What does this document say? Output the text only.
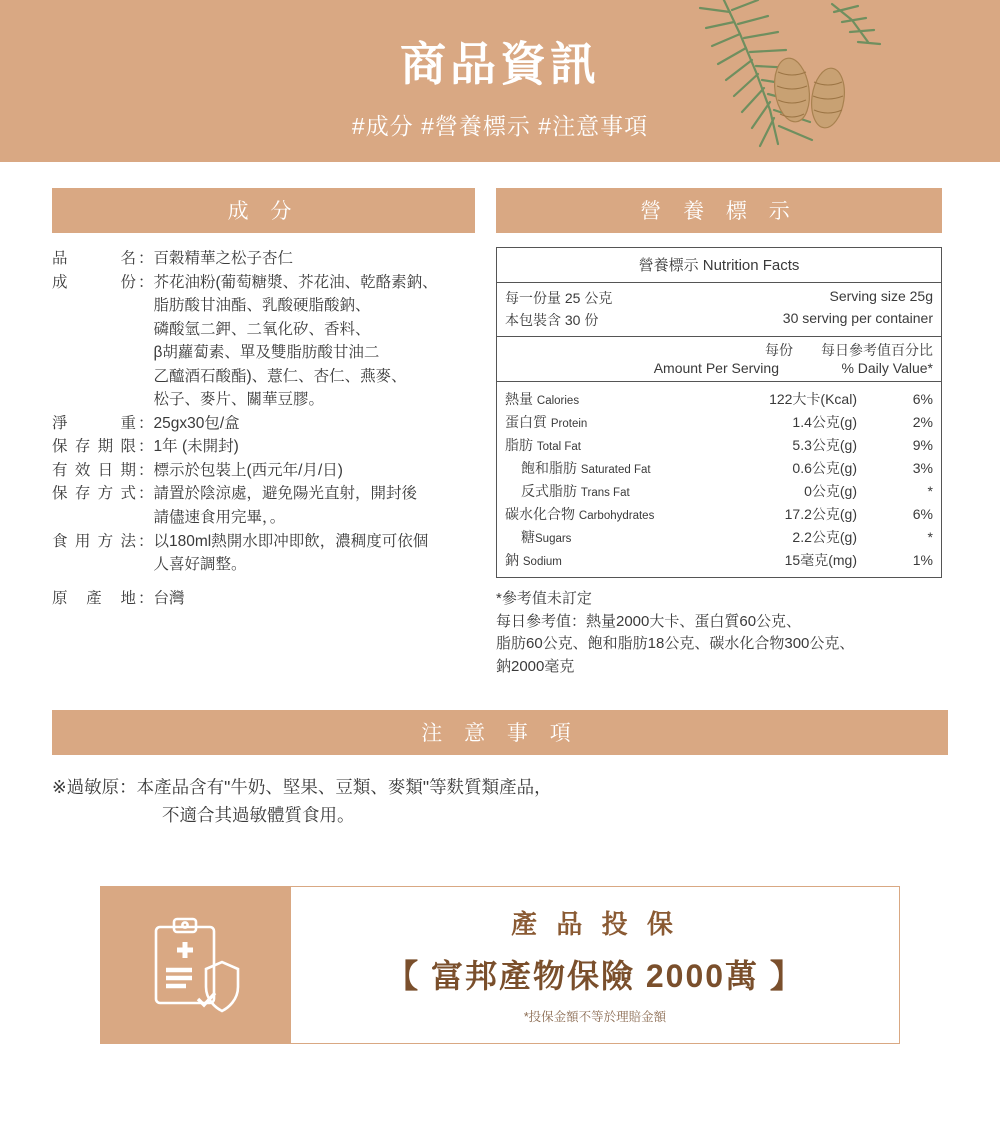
商品資訊
#成分 #營養標示 #注意事項
成 分
品 名 ： 百穀精華之松子杏仁
成 份 ： 芥花油粉(葡萄糖漿、芥花油、乾酪素鈉、
脂肪酸甘油酯、乳酸硬脂酸鈉、
磷酸氫二鉀、二氧化矽、香料、
β胡蘿蔔素、單及雙脂肪酸甘油二
乙醯酒石酸酯)、薏仁、杏仁、燕麥、
松子、麥片、關華豆膠。
淨 重 ： 25gx30包/盒
保存期限 ： 1年 (未開封)
有效日期 ： 標示於包裝上(西元年/月/日)
保存方式 ： 請置於陰涼處，避免陽光直射，開封後
請儘速食用完畢，。
食用方法 ： 以180ml熱開水即冲即飲，濃稠度可依個
人喜好調整。
原 產 地 ： 台灣
營 養 標 示
營養標示 Nutrition Facts
每一份量 25 公克	Serving size 25g
本包裝含 30 份	30 serving per container
每份　　每日參考值百分比
Amount Per Serving	% Daily Value*
熱量 Calories	122大卡(Kcal)	6%
蛋白質 Protein	1.4公克(g)	2%
脂肪 Total Fat	5.3公克(g)	9%
飽和脂肪 Saturated Fat	0.6公克(g)	3%
反式脂肪 Trans Fat	0公克(g)	*
碳水化合物 Carbohydrates	17.2公克(g)	6%
糖Sugars	2.2公克(g)	*
鈉 Sodium	15毫克(mg)	1%
*參考值未訂定
每日參考值：熱量2000大卡、蛋白質60公克、
脂肪60公克、飽和脂肪18公克、碳水化合物300公克、
鈉2000毫克
注 意 事 項
※過敏原：本產品含有"牛奶、堅果、豆類、麥類"等麩質類產品，
不適合其過敏體質食用。
產 品 投 保
【 富邦產物保險 2000萬 】
*投保金額不等於理賠金額
